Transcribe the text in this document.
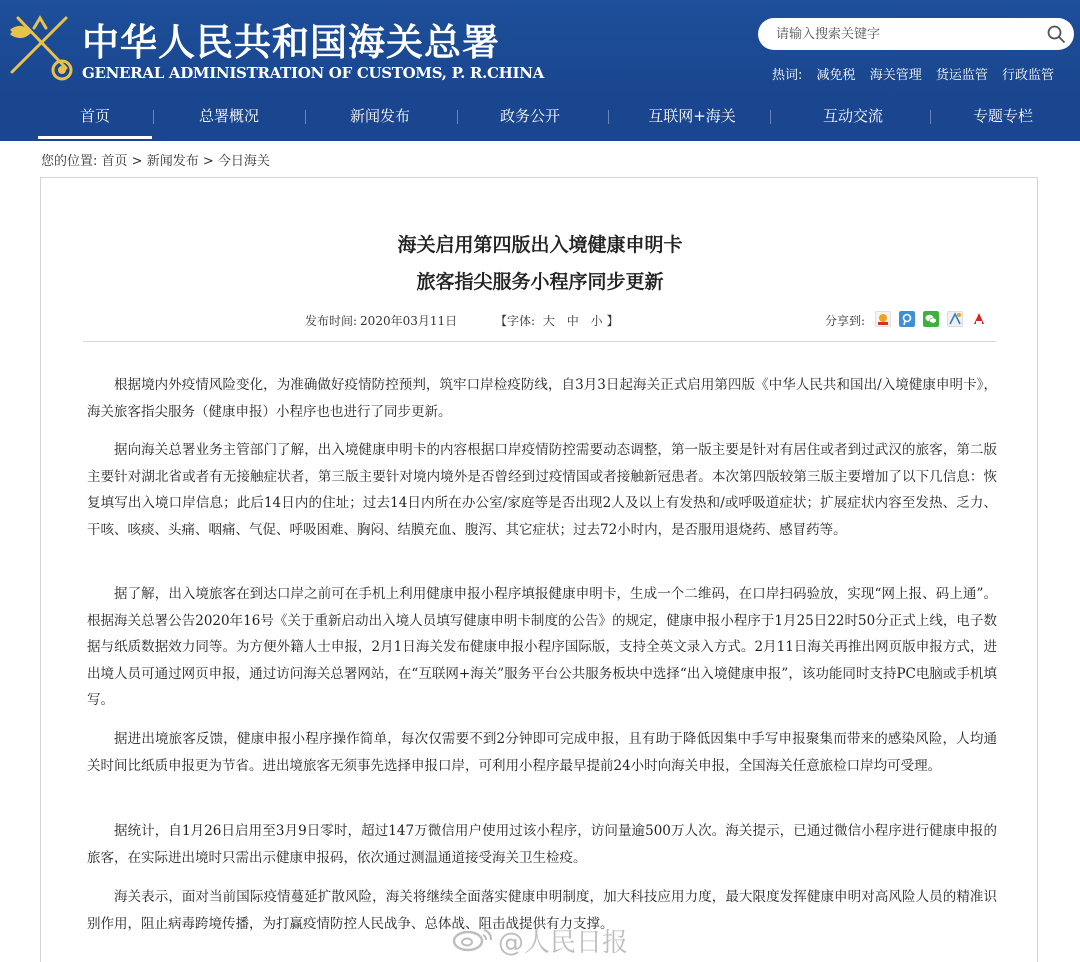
中华人民共和国海关总署
GENERAL ADMINISTRATION OF CUSTOMS, P. R.CHINA
请输入搜索关键字	热词: 减免税 海关管理 货运监管 行政监管
首页	总署概况	新闻发布	政务公开	互联网+海关	互动交流	专题专栏
您的位置: 首页 > 新闻发布 > 今日海关
海关启用第四版出入境健康申明卡
旅客指尖服务小程序同步更新
发布时间: 2020年03月11日	【字体: 大 中 小 】	分享到:

根据境内外疫情风险变化，为准确做好疫情防控预判，筑牢口岸检疫防线，自3月3日起海关正式启用第四版《中华人民共和国出/入境健康申明卡》，海关旅客指尖服务（健康申报）小程序也也进行了同步更新。

据向海关总署业务主管部门了解，出入境健康申明卡的内容根据口岸疫情防控需要动态调整，第一版主要是针对有居住或者到过武汉的旅客，第二版主要针对湖北省或者有无接触症状者，第三版主要针对境内境外是否曾经到过疫情国或者接触新冠患者。本次第四版较第三版主要增加了以下几信息：恢复填写出入境口岸信息；此后14日内的住址；过去14日内所在办公室/家庭等是否出现2人及以上有发热和/或呼吸道症状；扩展症状内容至发热、乏力、干咳、咳痰、头痛、咽痛、气促、呼吸困难、胸闷、结膜充血、腹泻、其它症状；过去72小时内，是否服用退烧药、感冒药等。

据了解，出入境旅客在到达口岸之前可在手机上利用健康申报小程序填报健康申明卡，生成一个二维码，在口岸扫码验放，实现“网上报、码上通”。根据海关总署公告2020年16号《关于重新启动出入境人员填写健康申明卡制度的公告》的规定，健康申报小程序于1月25日22时50分正式上线，电子数据与纸质数据效力同等。为方便外籍人士申报，2月1日海关发布健康申报小程序国际版，支持全英文录入方式。2月11日海关再推出网页版申报方式，进出境人员可通过网页申报，通过访问海关总署网站，在“互联网+海关”服务平台公共服务板块中选择“出入境健康申报”，该功能同时支持PC电脑或手机填写。

据进出境旅客反馈，健康申报小程序操作简单，每次仅需要不到2分钟即可完成申报，且有助于降低因集中手写申报聚集而带来的感染风险，人均通关时间比纸质申报更为节省。进出境旅客无须事先选择申报口岸，可利用小程序最早提前24小时向海关申报，全国海关任意旅检口岸均可受理。

据统计，自1月26日启用至3月9日零时，超过147万微信用户使用过该小程序，访问量逾500万人次。海关提示，已通过微信小程序进行健康申报的旅客，在实际进出境时只需出示健康申报码，依次通过测温通道接受海关卫生检疫。

海关表示，面对当前国际疫情蔓延扩散风险，海关将继续全面落实健康申明制度，加大科技应用力度，最大限度发挥健康申明对高风险人员的精准识别作用，阻止病毒跨境传播，为打赢疫情防控人民战争、总体战、阻击战提供有力支撑。

@人民日报
